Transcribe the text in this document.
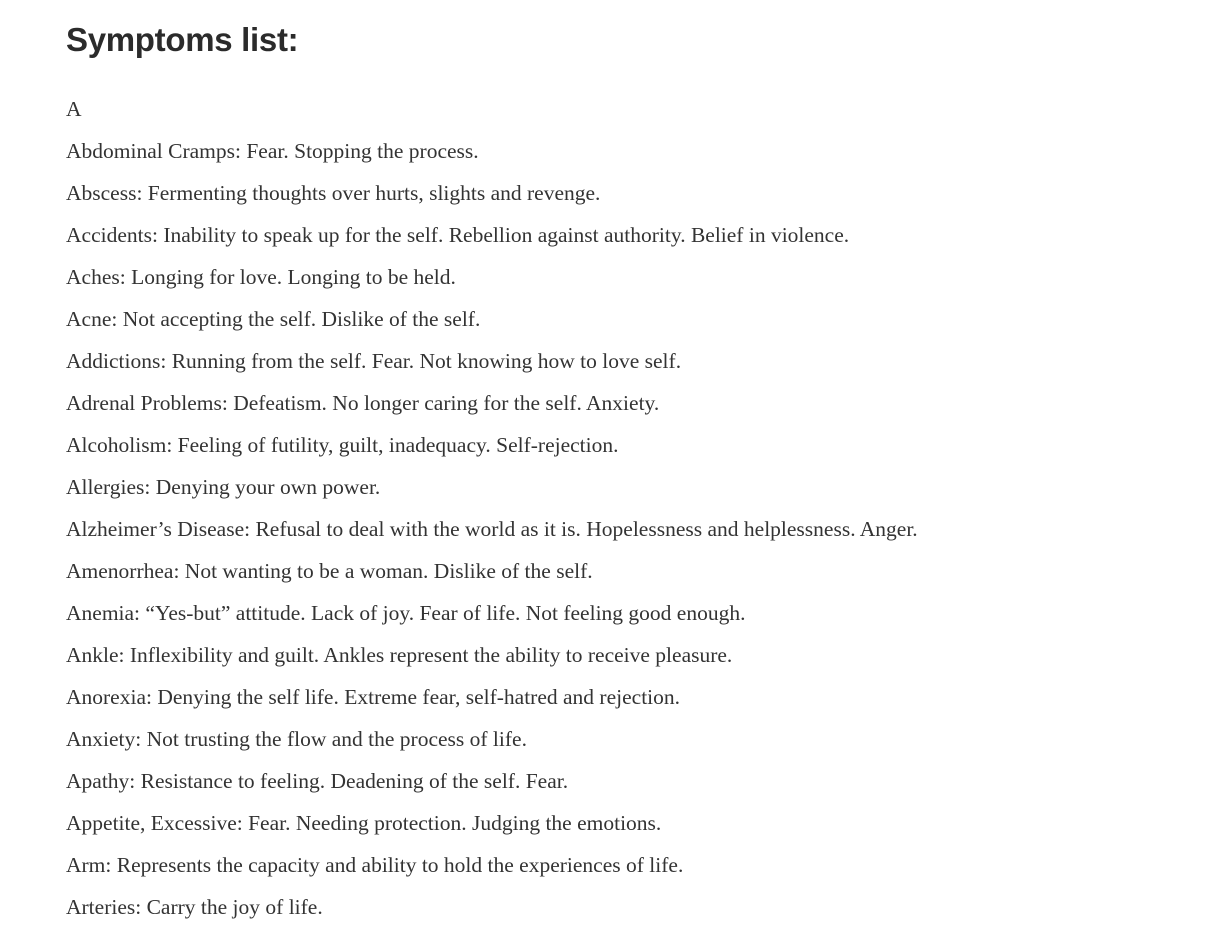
Symptoms list:

A

Abdominal Cramps: Fear. Stopping the process.
Abscess: Fermenting thoughts over hurts, slights and revenge.
Accidents: Inability to speak up for the self. Rebellion against authority. Belief in violence.
Aches: Longing for love. Longing to be held.
Acne: Not accepting the self. Dislike of the self.
Addictions: Running from the self. Fear. Not knowing how to love self.
Adrenal Problems: Defeatism. No longer caring for the self. Anxiety.
Alcoholism: Feeling of futility, guilt, inadequacy. Self-rejection.
Allergies: Denying your own power.
Alzheimer’s Disease: Refusal to deal with the world as it is. Hopelessness and helplessness. Anger.
Amenorrhea: Not wanting to be a woman. Dislike of the self.
Anemia: “Yes-but” attitude. Lack of joy. Fear of life. Not feeling good enough.
Ankle: Inflexibility and guilt. Ankles represent the ability to receive pleasure.
Anorexia: Denying the self life. Extreme fear, self-hatred and rejection.
Anxiety: Not trusting the flow and the process of life.
Apathy: Resistance to feeling. Deadening of the self. Fear.
Appetite, Excessive: Fear. Needing protection. Judging the emotions.
Arm: Represents the capacity and ability to hold the experiences of life.
Arteries: Carry the joy of life.
